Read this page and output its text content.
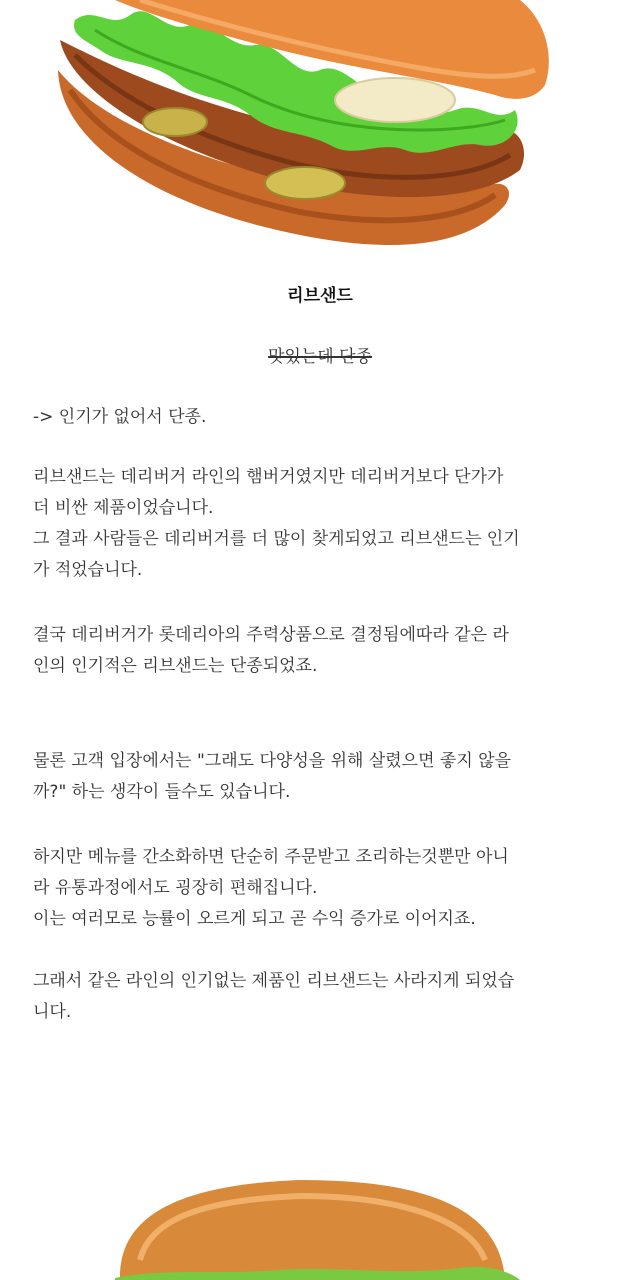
리브샌드
맛있는데 단종
-> 인기가 없어서 단종.
리브샌드는 데리버거 라인의 햄버거였지만 데리버거보다 단가가
더 비싼 제품이었습니다.
그 결과 사람들은 데리버거를 더 많이 찾게되었고 리브샌드는 인기
가 적었습니다.
결국 데리버거가 롯데리아의 주력상품으로 결정됨에따라 같은 라
인의 인기적은 리브샌드는 단종되었죠.
물론 고객 입장에서는 "그래도 다양성을 위해 살렸으면 좋지 않을
까?" 하는 생각이 들수도 있습니다.
하지만 메뉴를 간소화하면 단순히 주문받고 조리하는것뿐만 아니
라 유통과정에서도 굉장히 편해집니다.
이는 여러모로 능률이 오르게 되고 곧 수익 증가로 이어지죠.
그래서 같은 라인의 인기없는 제품인 리브샌드는 사라지게 되었습
니다.
